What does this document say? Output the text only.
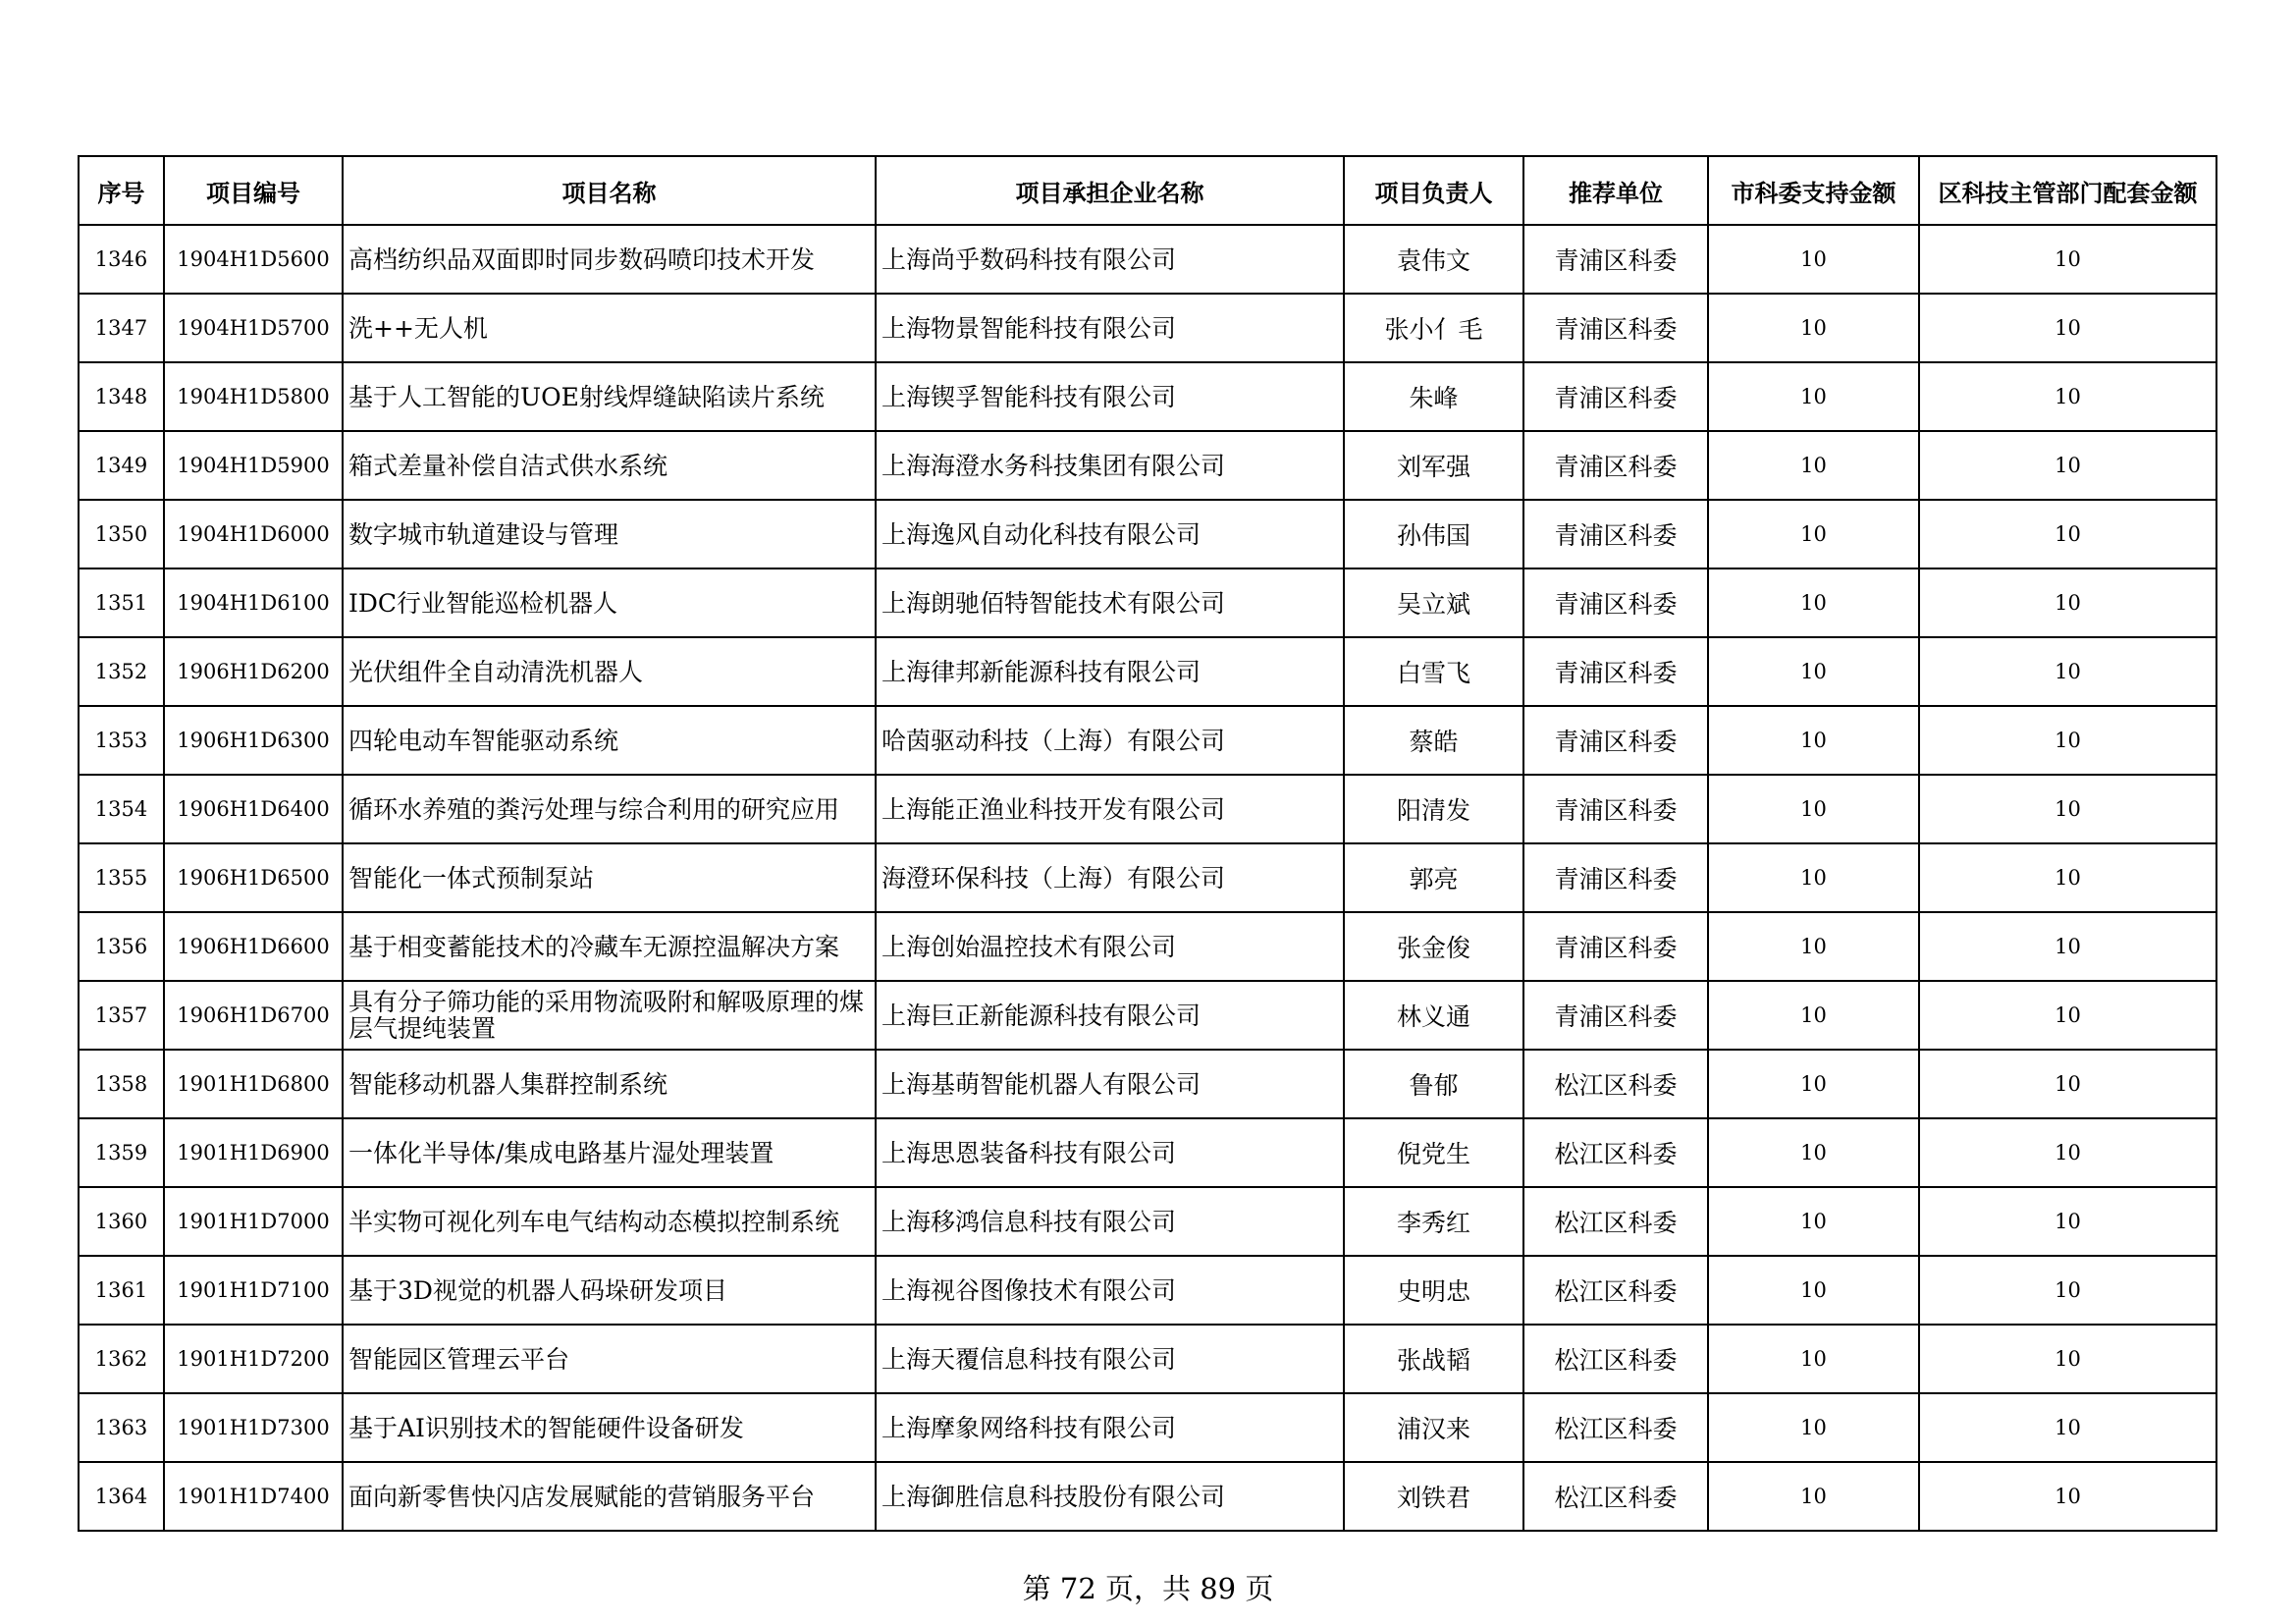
序号	项目编号	项目名称	项目承担企业名称	项目负责人	推荐单位	市科委支持金额	区科技主管部门配套金额
1346	1904H1D5600	高档纺织品双面即时同步数码喷印技术开发	上海尚乎数码科技有限公司	袁伟文	青浦区科委	10	10
1347	1904H1D5700	洗++无人机	上海物景智能科技有限公司	张小亻毛	青浦区科委	10	10
1348	1904H1D5800	基于人工智能的UOE射线焊缝缺陷读片系统	上海锲孚智能科技有限公司	朱峰	青浦区科委	10	10
1349	1904H1D5900	箱式差量补偿自洁式供水系统	上海海澄水务科技集团有限公司	刘军强	青浦区科委	10	10
1350	1904H1D6000	数字城市轨道建设与管理	上海逸风自动化科技有限公司	孙伟国	青浦区科委	10	10
1351	1904H1D6100	IDC行业智能巡检机器人	上海朗驰佰特智能技术有限公司	吴立斌	青浦区科委	10	10
1352	1906H1D6200	光伏组件全自动清洗机器人	上海律邦新能源科技有限公司	白雪飞	青浦区科委	10	10
1353	1906H1D6300	四轮电动车智能驱动系统	哈茵驱动科技（上海）有限公司	蔡皓	青浦区科委	10	10
1354	1906H1D6400	循环水养殖的粪污处理与综合利用的研究应用	上海能正渔业科技开发有限公司	阳清发	青浦区科委	10	10
1355	1906H1D6500	智能化一体式预制泵站	海澄环保科技（上海）有限公司	郭亮	青浦区科委	10	10
1356	1906H1D6600	基于相变蓄能技术的冷藏车无源控温解决方案	上海创始温控技术有限公司	张金俊	青浦区科委	10	10
1357	1906H1D6700	具有分子筛功能的采用物流吸附和解吸原理的煤层气提纯装置	上海巨正新能源科技有限公司	林义通	青浦区科委	10	10
1358	1901H1D6800	智能移动机器人集群控制系统	上海基萌智能机器人有限公司	鲁郁	松江区科委	10	10
1359	1901H1D6900	一体化半导体/集成电路基片湿处理装置	上海思恩装备科技有限公司	倪党生	松江区科委	10	10
1360	1901H1D7000	半实物可视化列车电气结构动态模拟控制系统	上海移鸿信息科技有限公司	李秀红	松江区科委	10	10
1361	1901H1D7100	基于3D视觉的机器人码垛研发项目	上海视谷图像技术有限公司	史明忠	松江区科委	10	10
1362	1901H1D7200	智能园区管理云平台	上海天覆信息科技有限公司	张战韬	松江区科委	10	10
1363	1901H1D7300	基于AI识别技术的智能硬件设备研发	上海摩象网络科技有限公司	浦汉来	松江区科委	10	10
1364	1901H1D7400	面向新零售快闪店发展赋能的营销服务平台	上海御胜信息科技股份有限公司	刘铁君	松江区科委	10	10
第 72 页，共 89 页
